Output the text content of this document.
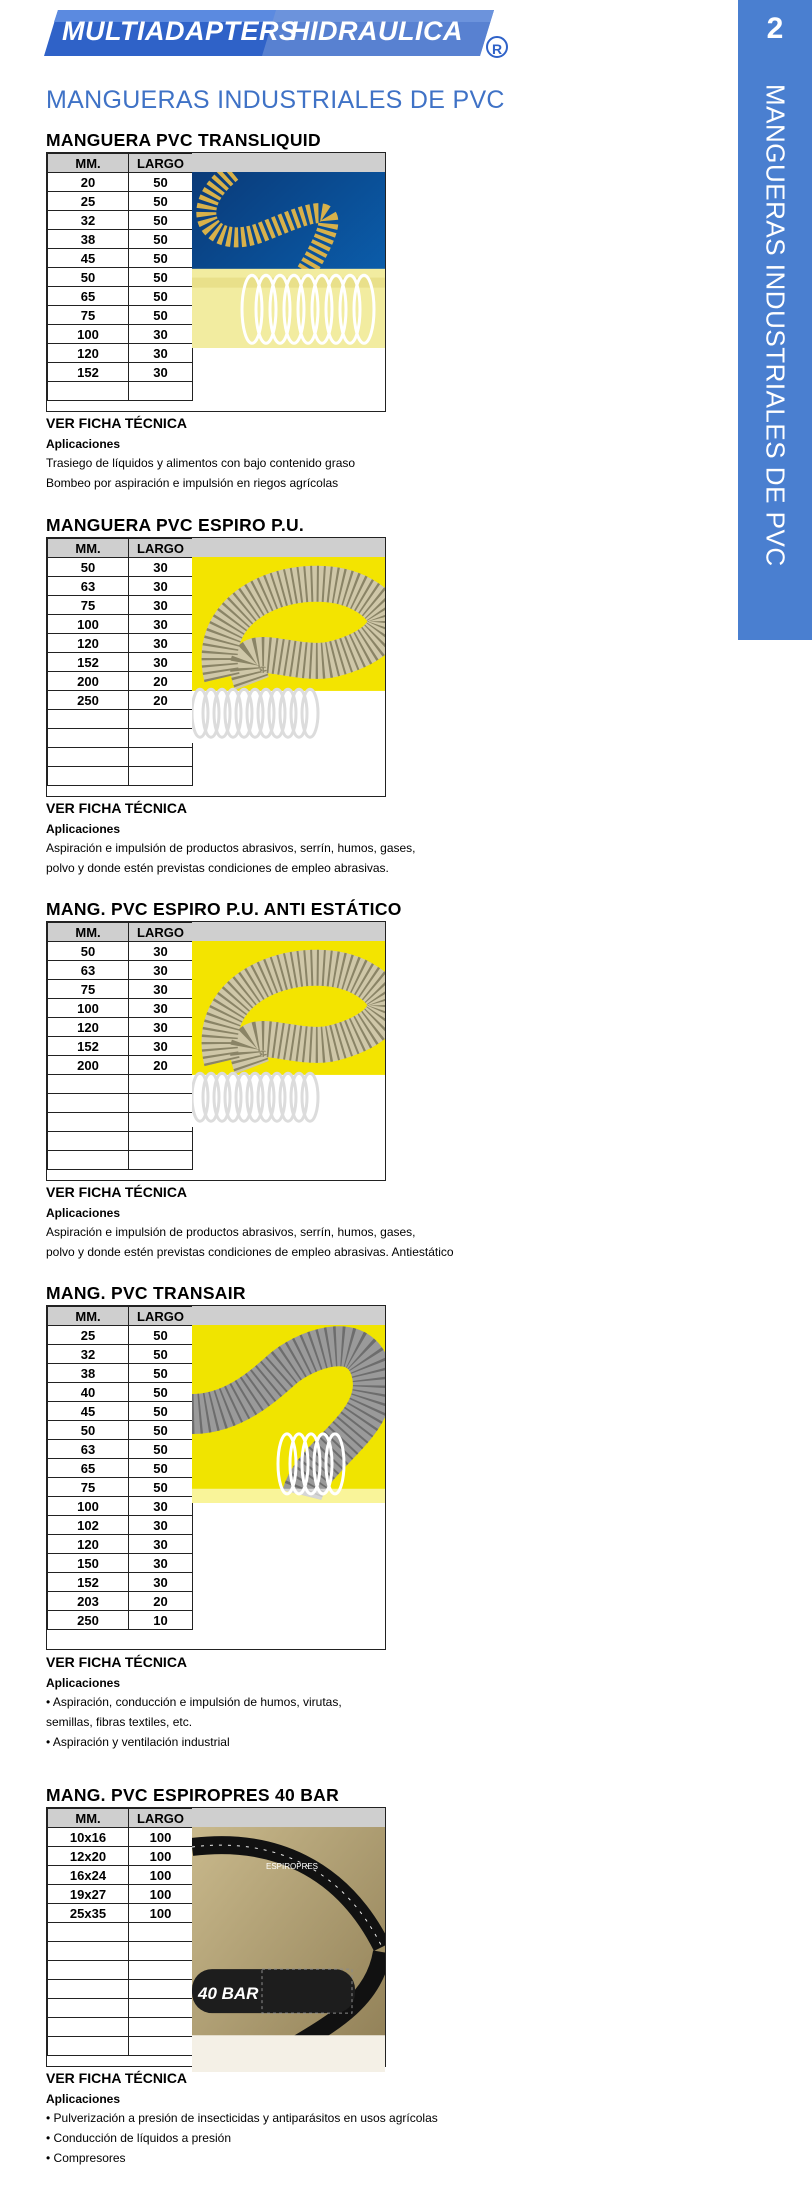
MULTIADAPTERS
HIDRAULICA
R
2
MANGUERAS INDUSTRIALES DE PVC
MANGUERAS INDUSTRIALES DE PVC
MANGUERA PVC TRANSLIQUID
MM.	LARGO
20	50
25	50
32	50
38	50
45	50
50	50
65	50
75	50
100	30
120	30
152	30

VER FICHA TÉCNICA
Aplicaciones
Trasiego de líquidos y alimentos con bajo contenido graso
Bombeo por aspiración e impulsión en riegos agrícolas
MANGUERA PVC ESPIRO P.U.
MM.	LARGO
50	30
63	30
75	30
100	30
120	30
152	30
200	20
250	20

VER FICHA TÉCNICA
Aplicaciones
Aspiración e impulsión de productos abrasivos, serrín, humos, gases,
polvo y donde estén previstas condiciones de empleo abrasivas.
MANG. PVC ESPIRO P.U. ANTI ESTÁTICO
MM.	LARGO
50	30
63	30
75	30
100	30
120	30
152	30
200	20

VER FICHA TÉCNICA
Aplicaciones
Aspiración e impulsión de productos abrasivos, serrín, humos, gases,
polvo y donde estén previstas condiciones de empleo abrasivas. Antiestático
MANG. PVC TRANSAIR
MM.	LARGO
25	50
32	50
38	50
40	50
45	50
50	50
63	50
65	50
75	50
100	30
102	30
120	30
150	30
152	30
203	20
250	10
VER FICHA TÉCNICA
Aplicaciones
• Aspiración, conducción e impulsión de humos, virutas,
semillas, fibras textiles, etc.
• Aspiración y ventilación industrial
MANG. PVC ESPIROPRES 40 BAR
MM.	LARGO
10x16	100
12x20	100
16x24	100
19x27	100
25x35	100

ESPIROPRES
40 BAR
VER FICHA TÉCNICA
Aplicaciones
• Pulverización a presión de insecticidas y antiparásitos en usos agrícolas
• Conducción de líquidos a presión
• Compresores
